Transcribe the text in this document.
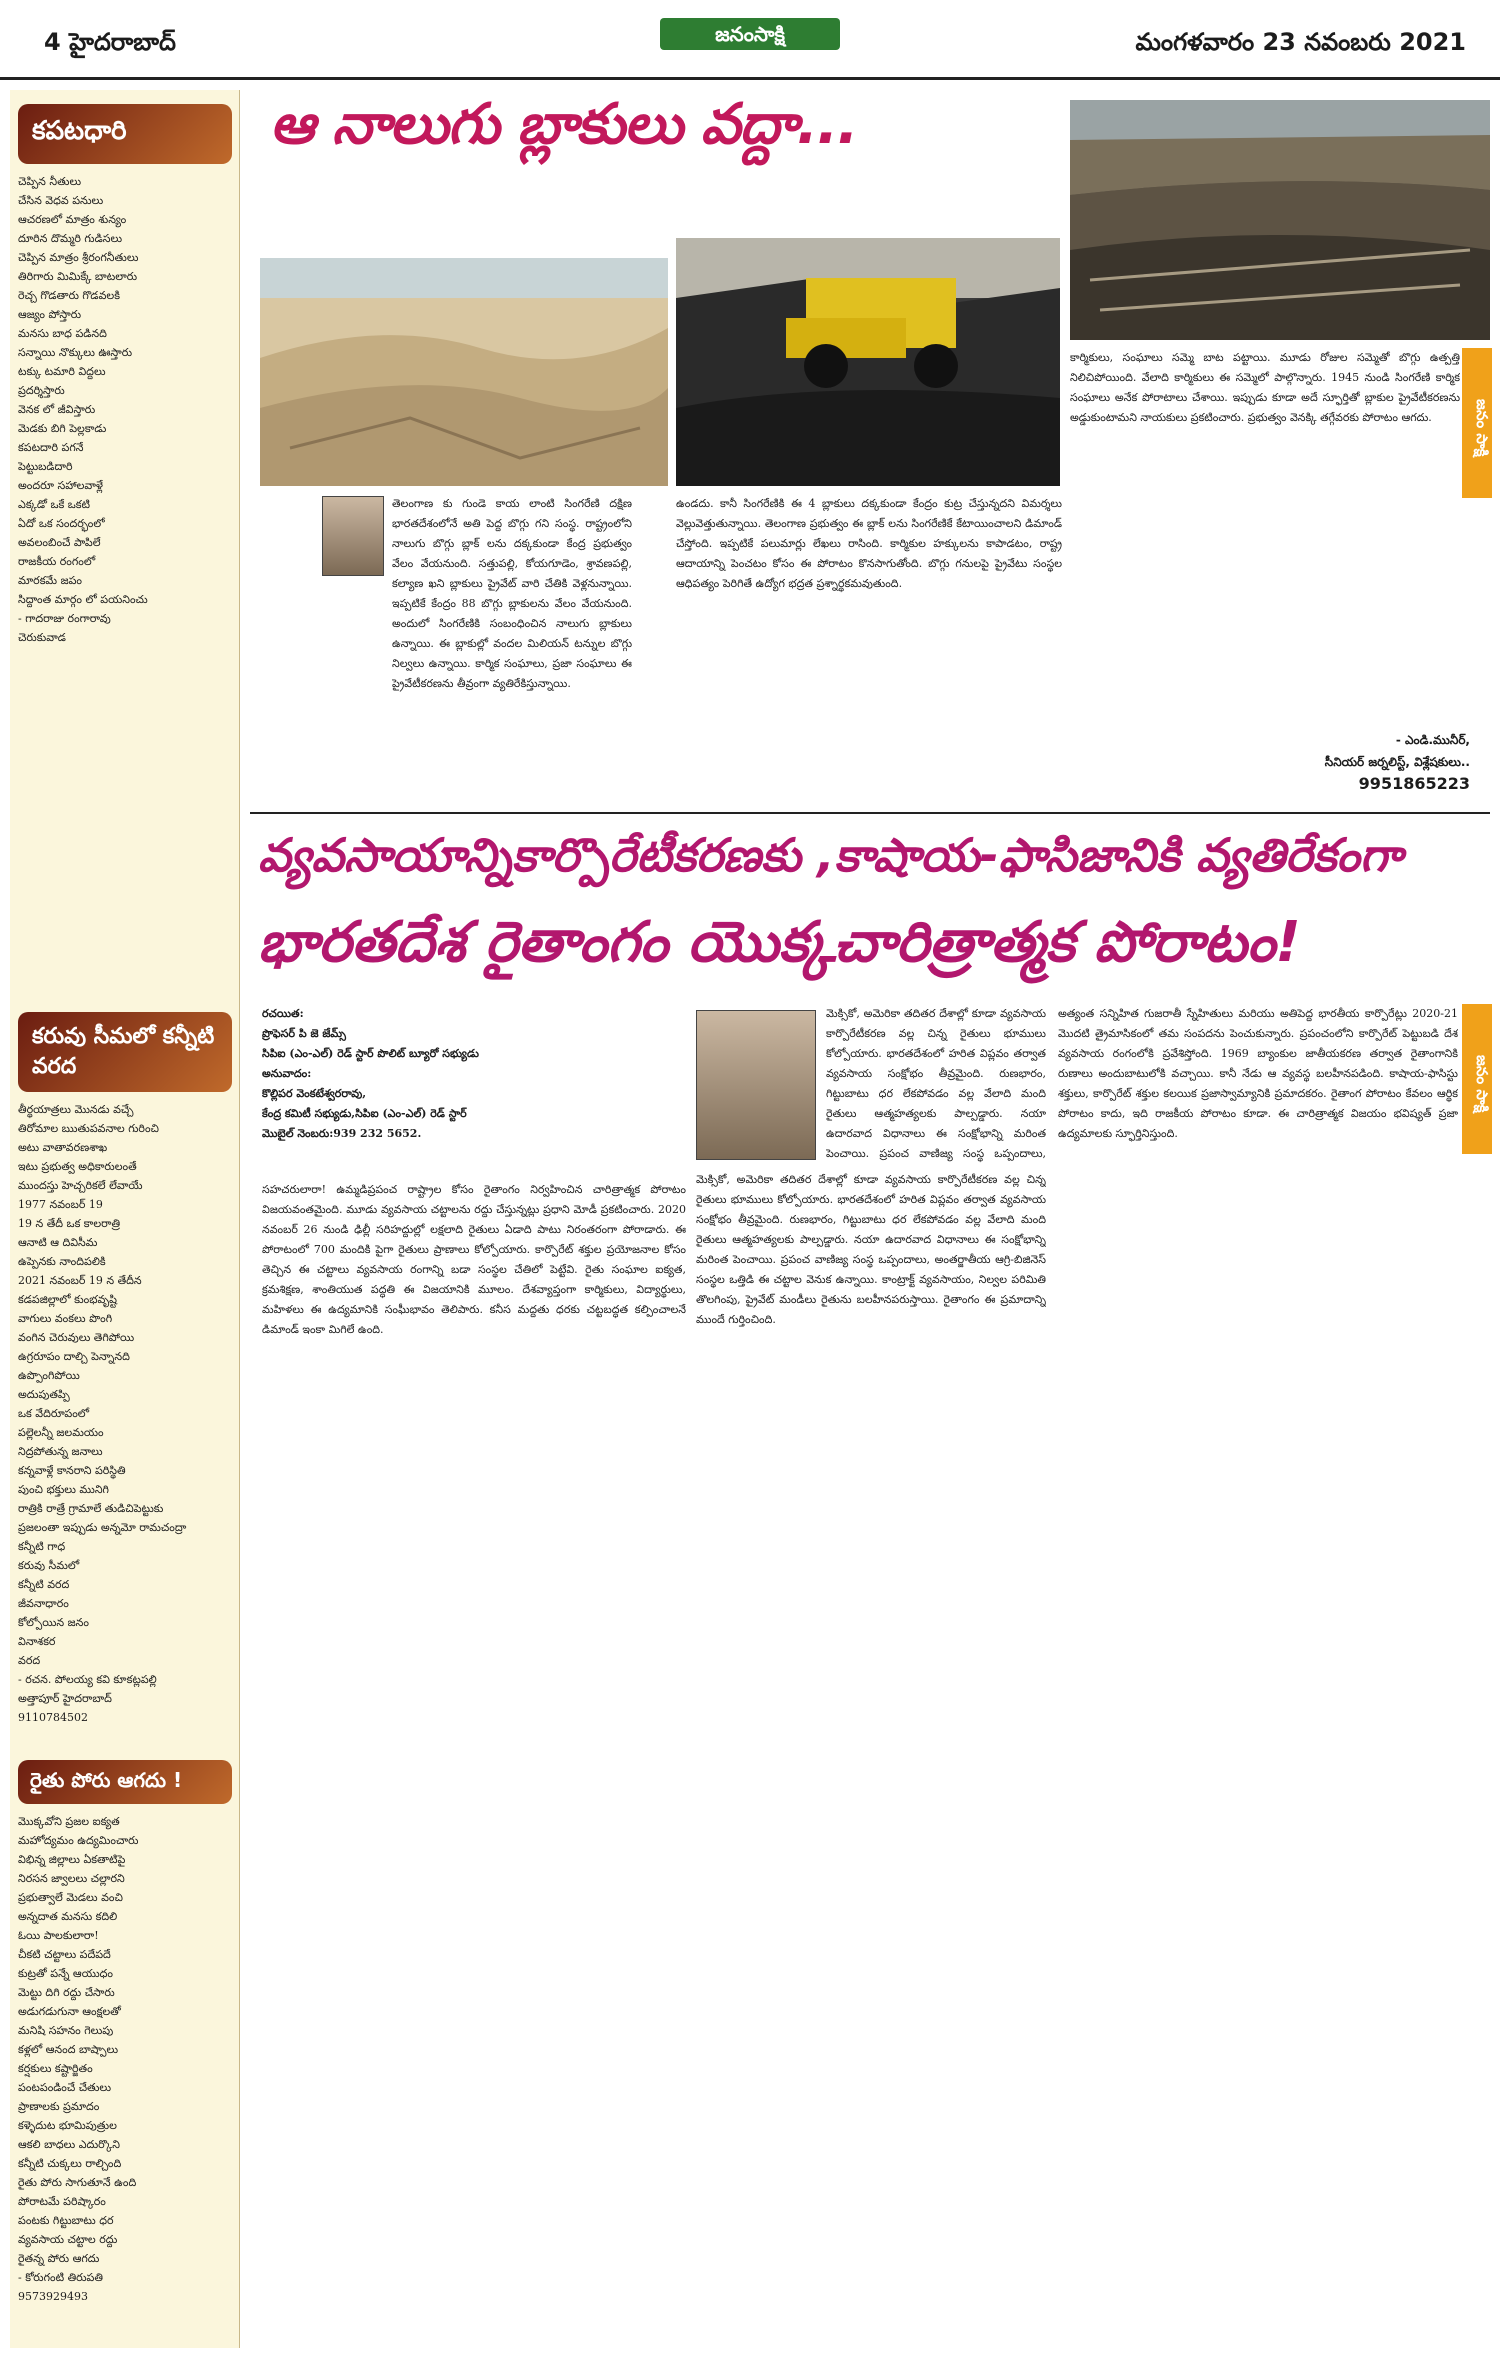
4 హైదరాబాద్	జనంసాక్షి	మంగళవారం 23 నవంబరు 2021
కపటధారి
చెప్పిన నీతులు
చేసిన వెధవ పనులు
ఆచరణలో మాత్రం శున్యం
దూరిన దొమ్మరి గుడిసలు
చెప్పిన మాత్రం శ్రీరంగనీతులు
తిరిగారు మిమిక్కే బాటలారు
రెచ్చ గొడతారు గొడవలకి
ఆజ్యం పోస్తారు
మనసు బాధ పడినది
సన్నాయి నొక్కులు ఊస్తారు
టక్కు టమారి విద్దలు
ప్రదర్శిస్తారు
వెనక లో జీవిస్తారు
మెడకు బిగి పెల్లకాడు
కపటదారి పగనే
పెట్టుబడిదారి
అందరూ సహాలవాళ్లే
ఎక్కడో ఒకే ఒకటి
ఏదో ఒక సందర్భంలో
అవలంబించే పాపిలే
రాజకీయ రంగంలో
మారకమే జపం
సిద్దాంత మార్గం లో పయనించు
- గాదరాజు రంగారావు
చెరుకువాడ
కరువు సీమలో కన్నీటి వరద
తీర్థయాత్రలు మొనడు వచ్చే
తిరోమాల ఋతుపవనాల గురించి
అటు వాతావరణశాఖ
ఇటు ప్రభుత్వ అధికారులంతే
ముందస్తు హెచ్చరికలే లేవాయే
1977 నవంబర్ 19
19 న తేదీ ఒక కాలరాత్రి
ఆనాటి ఆ దివిసీమ
ఉప్పెనకు నాందిపలికి
2021 నవంబర్ 19 న తేదీన
కడపజిల్లాలో కుంభవృష్టి
వాగులు వంకలు పొంగి
వంగిన చెరువులు తెగిపోయి
ఉగ్రరూపం దాల్చి పెన్నానది
ఉప్పొంగిపోయి
అదుపుతప్పి
ఒక వేదిరూపంలో
పల్లెలన్నీ జలమయం
నిద్రపోతున్న జనాలు
కన్నవాళ్లే కానరాని పరిస్థితి
పుంచి భక్తులు మునిగి
రాత్రికి రాత్రే గ్రామాలే తుడిచిపెట్టుకు
ప్రజలంతా ఇప్పుడు అన్నమో రామచంద్రా
కన్నీటి గాధ
కరువు సీమలో
కన్నీటి వరద
జీవనాధారం
కోల్పోయిన జనం
వినాశకర
వరద
- రచన. పోలయ్య కవి కూకట్లపల్లి
అత్తాపూర్ హైదరాబాద్
9110784502
రైతు పోరు ఆగదు !
మొక్కవోని ప్రజల ఐక్యత
మహోద్యమం ఉద్యమించారు
విభిన్న జిల్లాలు ఏకతాటిపై
నిరసన జ్వాలలు చల్లారని
ప్రభుత్వాలే మెడలు వంచి
అన్నదాత మనసు కదిలి
ఓయి పాలకులారా!
చీకటి చట్టాలు పదేపదే
కుట్రతో పన్నే ఆయుధం
మెట్టు దిగి రద్దు చేసారు
అడుగడుగునా ఆంక్షలతో
మనిషి సహనం గెలుపు
కళ్లలో ఆనంద బాష్పాలు
కర్షకులు కష్టార్జితం
పంటపండించే చేతులు
ప్రాణాలకు ప్రమాదం
కళ్ళెదుట భూమిపుత్రుల
ఆకలి బాధలు ఎదుర్కొని
కన్నీటి చుక్కలు రాల్చింది
రైతు పోరు సాగుతూనే ఉంది
పోరాటమే పరిష్కారం
పంటకు గిట్టుబాటు ధర
వ్యవసాయ చట్టాల రద్దు
రైతన్న పోరు ఆగదు
- కోరుగంటి తిరుపతి
9573929493
ఆ నాలుగు బ్లాకులు వద్దా...
తెలంగాణ కు గుండె కాయ లాంటి సింగరేణి దక్షిణ భారతదేశంలోనే అతి పెద్ద బొగ్గు గని సంస్థ. రాష్ట్రంలోని నాలుగు బొగ్గు బ్లాక్ లను దక్కకుండా కేంద్ర ప్రభుత్వం వేలం వేయనుంది. సత్తుపల్లి, కోయగూడెం, శ్రావణపల్లి, కల్యాణ ఖని బ్లాకులు ప్రైవేట్ వారి చేతికి వెళ్లనున్నాయి. ఇప్పటికే కేంద్రం 88 బొగ్గు బ్లాకులను వేలం వేయనుంది. అందులో సింగరేణికి సంబంధించిన నాలుగు బ్లాకులు ఉన్నాయి. ఈ బ్లాకుల్లో వందల మిలియన్ టన్నుల బొగ్గు నిల్వలు ఉన్నాయి. కార్మిక సంఘాలు, ప్రజా సంఘాలు ఈ ప్రైవేటీకరణను తీవ్రంగా వ్యతిరేకిస్తున్నాయి.
ఉండదు. కానీ సింగరేణికి ఈ 4 బ్లాకులు దక్కకుండా కేంద్రం కుట్ర చేస్తున్నదని విమర్శలు వెల్లువెత్తుతున్నాయి. తెలంగాణ ప్రభుత్వం ఈ బ్లాక్ లను సింగరేణికే కేటాయించాలని డిమాండ్ చేస్తోంది. ఇప్పటికే పలుమార్లు లేఖలు రాసింది. కార్మికుల హక్కులను కాపాడటం, రాష్ట్ర ఆదాయాన్ని పెంచటం కోసం ఈ పోరాటం కొనసాగుతోంది. బొగ్గు గనులపై ప్రైవేటు సంస్థల ఆధిపత్యం పెరిగితే ఉద్యోగ భద్రత ప్రశ్నార్థకమవుతుంది.
కార్మికులు, సంఘాలు సమ్మె బాట పట్టాయి. మూడు రోజుల సమ్మెతో బొగ్గు ఉత్పత్తి నిలిచిపోయింది. వేలాది కార్మికులు ఈ సమ్మెలో పాల్గొన్నారు. 1945 నుండి సింగరేణి కార్మిక సంఘాలు అనేక పోరాటాలు చేశాయి. ఇప్పుడు కూడా అదే స్ఫూర్తితో బ్లాకుల ప్రైవేటీకరణను అడ్డుకుంటామని నాయకులు ప్రకటించారు. ప్రభుత్వం వెనక్కి తగ్గేవరకు పోరాటం ఆగదు.	జనం సాక్షి
- ఎండి.మునీర్,
సీనియర్ జర్నలిస్ట్, విశ్లేషకులు..
9951865223
వ్యవసాయాన్నికార్పొరేటీకరణకు ,కాషాయ-ఫాసిజానికి వ్యతిరేకంగా
భారతదేశ రైతాంగం యొక్కచారిత్రాత్మక పోరాటం!
రచయిత:
ప్రొఫెసర్ పి జె జేమ్స్
సిపిఐ (ఎం-ఎల్) రెడ్ స్టార్ పొలిట్ బ్యూరో సభ్యుడు
అనువాదం:
కొల్లిపర వెంకటేశ్వరరావు,
కేంద్ర కమిటీ సభ్యుడు,సిపిఐ (ఎం-ఎల్) రెడ్ స్టార్
మొబైల్ నెంబరు:939 232 5652.
సహచరులారా! ఉమ్మడిప్రపంచ రాష్ట్రాల కోసం రైతాంగం నిర్వహించిన చారిత్రాత్మక పోరాటం విజయవంతమైంది. మూడు వ్యవసాయ చట్టాలను రద్దు చేస్తున్నట్లు ప్రధాని మోడీ ప్రకటించారు. 2020 నవంబర్ 26 నుండి ఢిల్లీ సరిహద్దుల్లో లక్షలాది రైతులు ఏడాది పాటు నిరంతరంగా పోరాడారు. ఈ పోరాటంలో 700 మందికి పైగా రైతులు ప్రాణాలు కోల్పోయారు. కార్పొరేట్ శక్తుల ప్రయోజనాల కోసం తెచ్చిన ఈ చట్టాలు వ్యవసాయ రంగాన్ని బడా సంస్థల చేతిలో పెట్టేవి. రైతు సంఘాల ఐక్యత, క్రమశిక్షణ, శాంతియుత పద్ధతి ఈ విజయానికి మూలం. దేశవ్యాప్తంగా కార్మికులు, విద్యార్థులు, మహిళలు ఈ ఉద్యమానికి సంఘీభావం తెలిపారు. కనీస మద్దతు ధరకు చట్టబద్ధత కల్పించాలనే డిమాండ్ ఇంకా మిగిలే ఉంది.
మెక్సికో, అమెరికా తదితర దేశాల్లో కూడా వ్యవసాయ కార్పొరేటీకరణ వల్ల చిన్న రైతులు భూములు కోల్పోయారు. భారతదేశంలో హరిత విప్లవం తర్వాత వ్యవసాయ సంక్షోభం తీవ్రమైంది. రుణభారం, గిట్టుబాటు ధర లేకపోవడం వల్ల వేలాది మంది రైతులు ఆత్మహత్యలకు పాల్పడ్డారు. నయా ఉదారవాద విధానాలు ఈ సంక్షోభాన్ని మరింత పెంచాయి. ప్రపంచ వాణిజ్య సంస్థ ఒప్పందాలు,
మెక్సికో, అమెరికా తదితర దేశాల్లో కూడా వ్యవసాయ కార్పొరేటీకరణ వల్ల చిన్న రైతులు భూములు కోల్పోయారు. భారతదేశంలో హరిత విప్లవం తర్వాత వ్యవసాయ సంక్షోభం తీవ్రమైంది. రుణభారం, గిట్టుబాటు ధర లేకపోవడం వల్ల వేలాది మంది రైతులు ఆత్మహత్యలకు పాల్పడ్డారు. నయా ఉదారవాద విధానాలు ఈ సంక్షోభాన్ని మరింత పెంచాయి. ప్రపంచ వాణిజ్య సంస్థ ఒప్పందాలు, అంతర్జాతీయ ఆగ్రి-బిజినెస్ సంస్థల ఒత్తిడి ఈ చట్టాల వెనుక ఉన్నాయి. కాంట్రాక్ట్ వ్యవసాయం, నిల్వల పరిమితి తొలగింపు, ప్రైవేట్ మండీలు రైతును బలహీనపరుస్తాయి. రైతాంగం ఈ ప్రమాదాన్ని ముందే గుర్తించింది.
అత్యంత సన్నిహిత గుజరాతీ స్నేహితులు మరియు అతిపెద్ద భారతీయ కార్పొరేట్లు 2020-21 మొదటి త్రైమాసికంలో తమ సంపదను పెంచుకున్నారు. ప్రపంచంలోని కార్పొరేట్ పెట్టుబడి దేశ వ్యవసాయ రంగంలోకి ప్రవేశిస్తోంది. 1969 బ్యాంకుల జాతీయకరణ తర్వాత రైతాంగానికి రుణాలు అందుబాటులోకి వచ్చాయి. కానీ నేడు ఆ వ్యవస్థ బలహీనపడింది. కాషాయ-ఫాసిస్టు శక్తులు, కార్పొరేట్ శక్తుల కలయిక ప్రజాస్వామ్యానికి ప్రమాదకరం. రైతాంగ పోరాటం కేవలం ఆర్థిక పోరాటం కాదు, ఇది రాజకీయ పోరాటం కూడా. ఈ చారిత్రాత్మక విజయం భవిష్యత్ ప్రజా ఉద్యమాలకు స్ఫూర్తినిస్తుంది.
జనం సాక్షి
